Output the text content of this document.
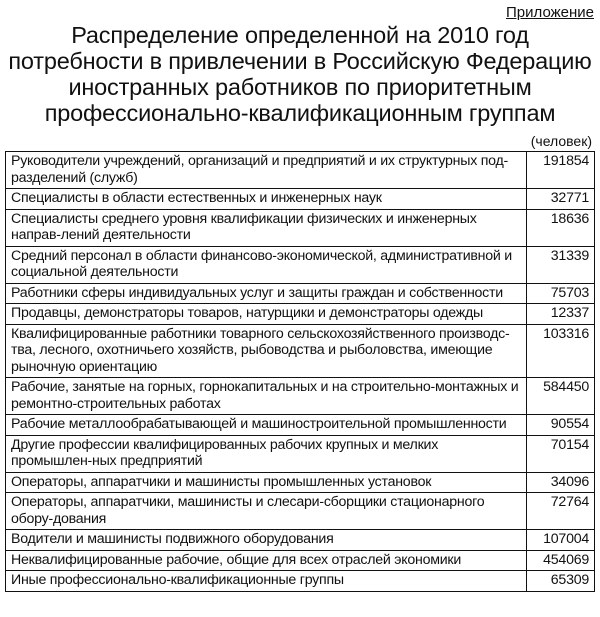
Приложение
Распределение определенной на 2010 год
потребности в привлечении в Российскую Федерацию
иностранных работников по приоритетным
профессионально-квалификационным группам
(человек)
Руководители учреждений, организаций и предприятий и их структурных под-разделений (служб)	191854
Специалисты в области естественных и инженерных наук	32771
Специалисты среднего уровня квалификации физических и инженерных направ-лений деятельности	18636
Средний персонал в области финансово-экономической, административной и социальной деятельности	31339
Работники сферы индивидуальных услуг и защиты граждан и собственности	75703
Продавцы, демонстраторы товаров, натурщики и демонстраторы одежды	12337
Квалифицированные работники товарного сельскохозяйственного производс-тва, лесного, охотничьего хозяйств, рыбоводства и рыболовства, имеющие рыночную ориентацию	103316
Рабочие, занятые на горных, горнокапитальных и на строительно-монтажных и ремонтно-строительных работах	584450
Рабочие металлообрабатывающей и машиностроительной промышленности	90554
Другие профессии квалифицированных рабочих крупных и мелких промышлен-ных предприятий	70154
Операторы, аппаратчики и машинисты промышленных установок	34096
Операторы, аппаратчики, машинисты и слесари-сборщики стационарного обору-дования	72764
Водители и машинисты подвижного оборудования	107004
Неквалифицированные рабочие, общие для всех отраслей экономики	454069
Иные профессионально-квалификационные группы	65309
